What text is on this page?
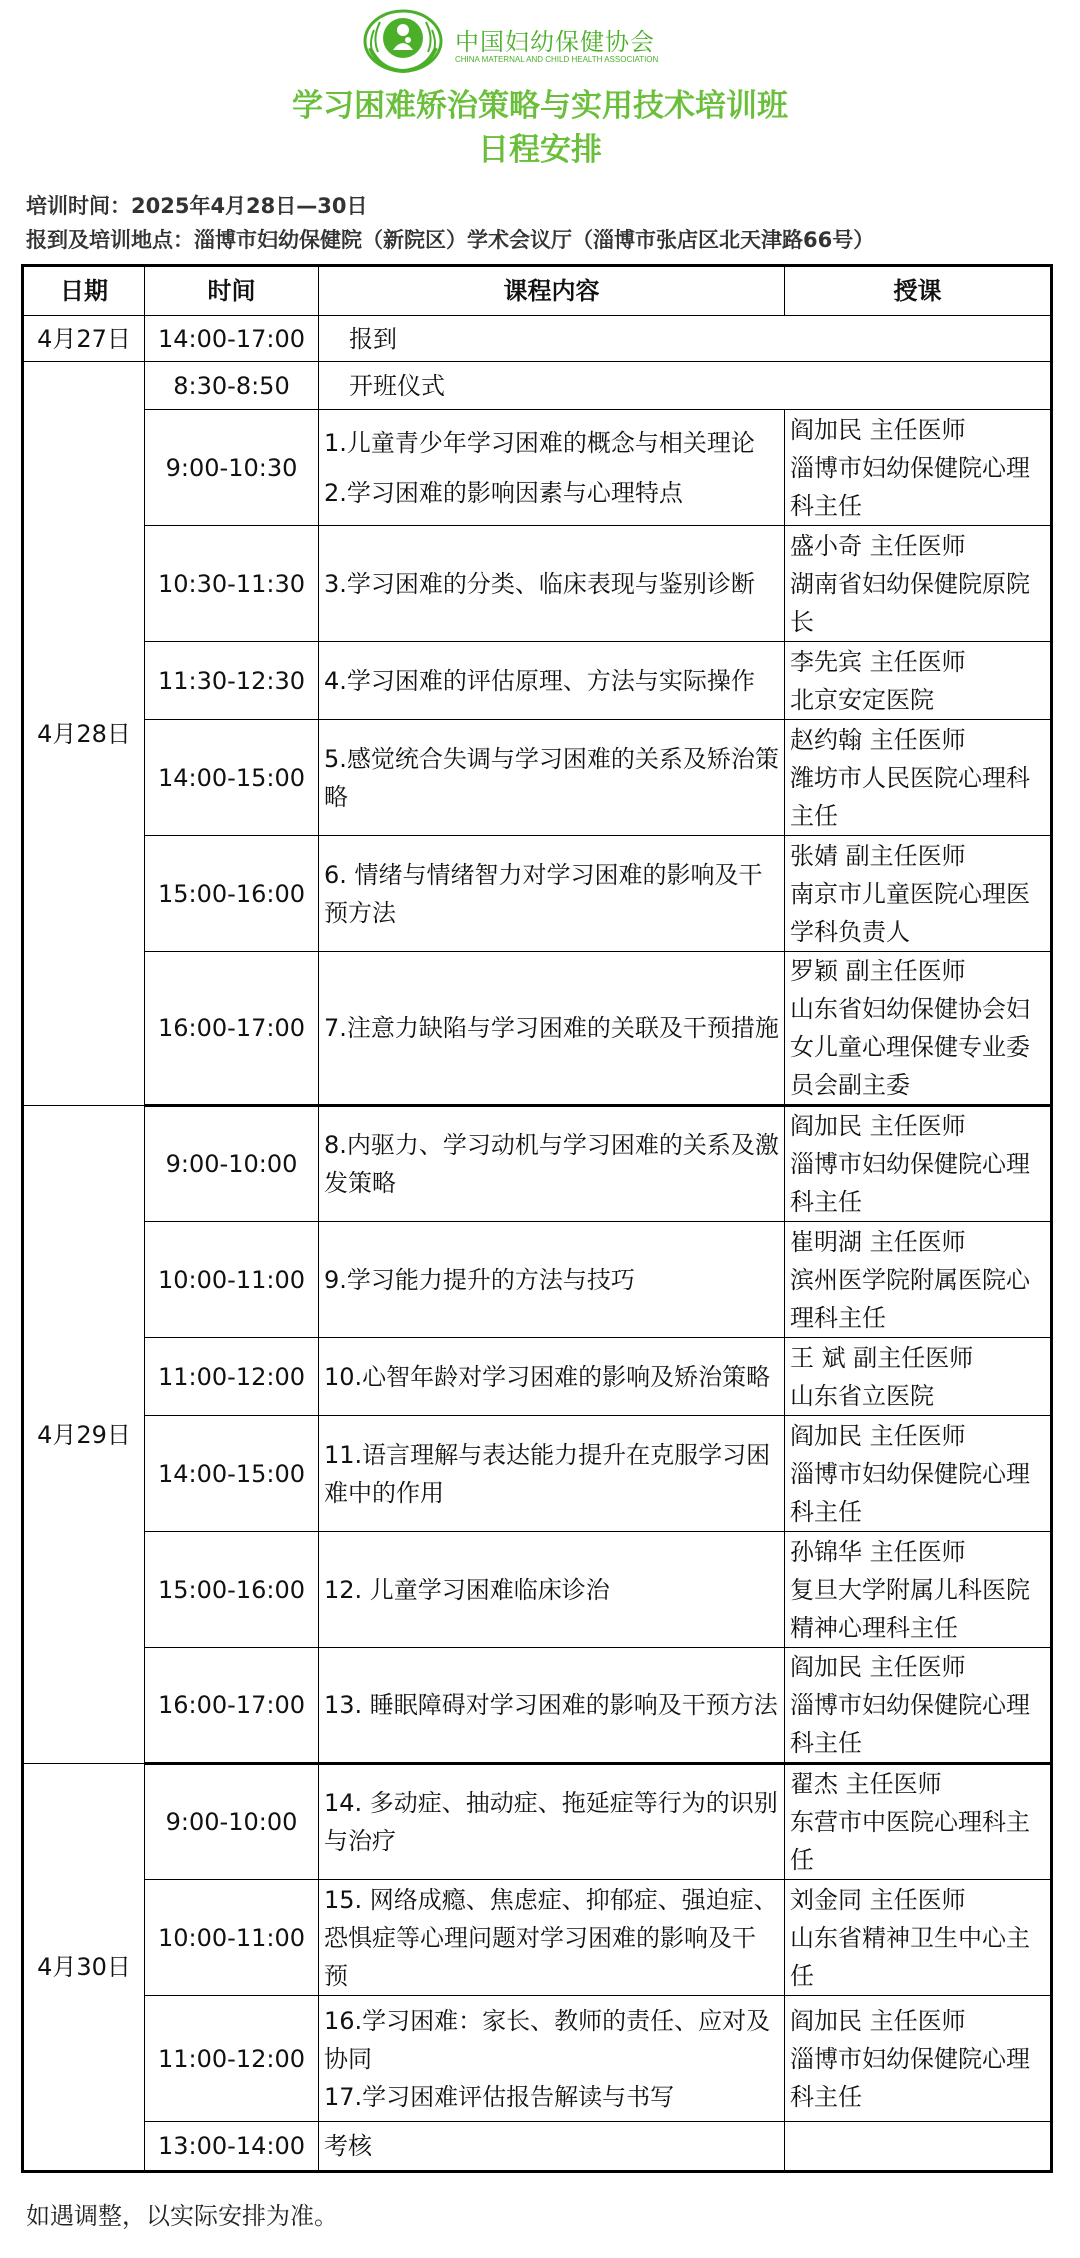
中国妇幼保健协会
CHINA MATERNAL AND CHILD HEALTH ASSOCIATION
学习困难矫治策略与实用技术培训班
日程安排
培训时间：2025年4月28日—30日
报到及培训地点：淄博市妇幼保健院（新院区）学术会议厅（淄博市张店区北天津路66号）
日期	时间	课程内容	授课
4月27日	14:00-17:00	报到	
4月28日	8:30-8:50	开班仪式	
	9:00-10:30	1.儿童青少年学习困难的概念与相关理论
2.学习困难的影响因素与心理特点	阎加民 主任医师
淄博市妇幼保健院心理科主任
	10:30-11:30	3.学习困难的分类、临床表现与鉴别诊断	盛小奇 主任医师
湖南省妇幼保健院原院长
	11:30-12:30	4.学习困难的评估原理、方法与实际操作	李先宾 主任医师
北京安定医院
	14:00-15:00	5.感觉统合失调与学习困难的关系及矫治策略	赵约翰 主任医师
潍坊市人民医院心理科主任
	15:00-16:00	6. 情绪与情绪智力对学习困难的影响及干预方法	张婧 副主任医师
南京市儿童医院心理医学科负责人
	16:00-17:00	7.注意力缺陷与学习困难的关联及干预措施	罗颖 副主任医师
山东省妇幼保健协会妇女儿童心理保健专业委员会副主委
4月29日	9:00-10:00	8.内驱力、学习动机与学习困难的关系及激发策略	阎加民 主任医师
淄博市妇幼保健院心理科主任
	10:00-11:00	9.学习能力提升的方法与技巧	崔明湖 主任医师
滨州医学院附属医院心理科主任
	11:00-12:00	10.心智年龄对学习困难的影响及矫治策略	王 斌 副主任医师
山东省立医院
	14:00-15:00	11.语言理解与表达能力提升在克服学习困难中的作用	阎加民 主任医师
淄博市妇幼保健院心理科主任
	15:00-16:00	12. 儿童学习困难临床诊治	孙锦华 主任医师
复旦大学附属儿科医院精神心理科主任
	16:00-17:00	13. 睡眠障碍对学习困难的影响及干预方法	阎加民 主任医师
淄博市妇幼保健院心理科主任
4月30日	9:00-10:00	14. 多动症、抽动症、拖延症等行为的识别与治疗	翟杰 主任医师
东营市中医院心理科主任
	10:00-11:00	15. 网络成瘾、焦虑症、抑郁症、强迫症、恐惧症等心理问题对学习困难的影响及干预	刘金同 主任医师
山东省精神卫生中心主任
	11:00-12:00	16.学习困难：家长、教师的责任、应对及协同
17.学习困难评估报告解读与书写	阎加民 主任医师
淄博市妇幼保健院心理科主任
	13:00-14:00	考核	
如遇调整，以实际安排为准。
